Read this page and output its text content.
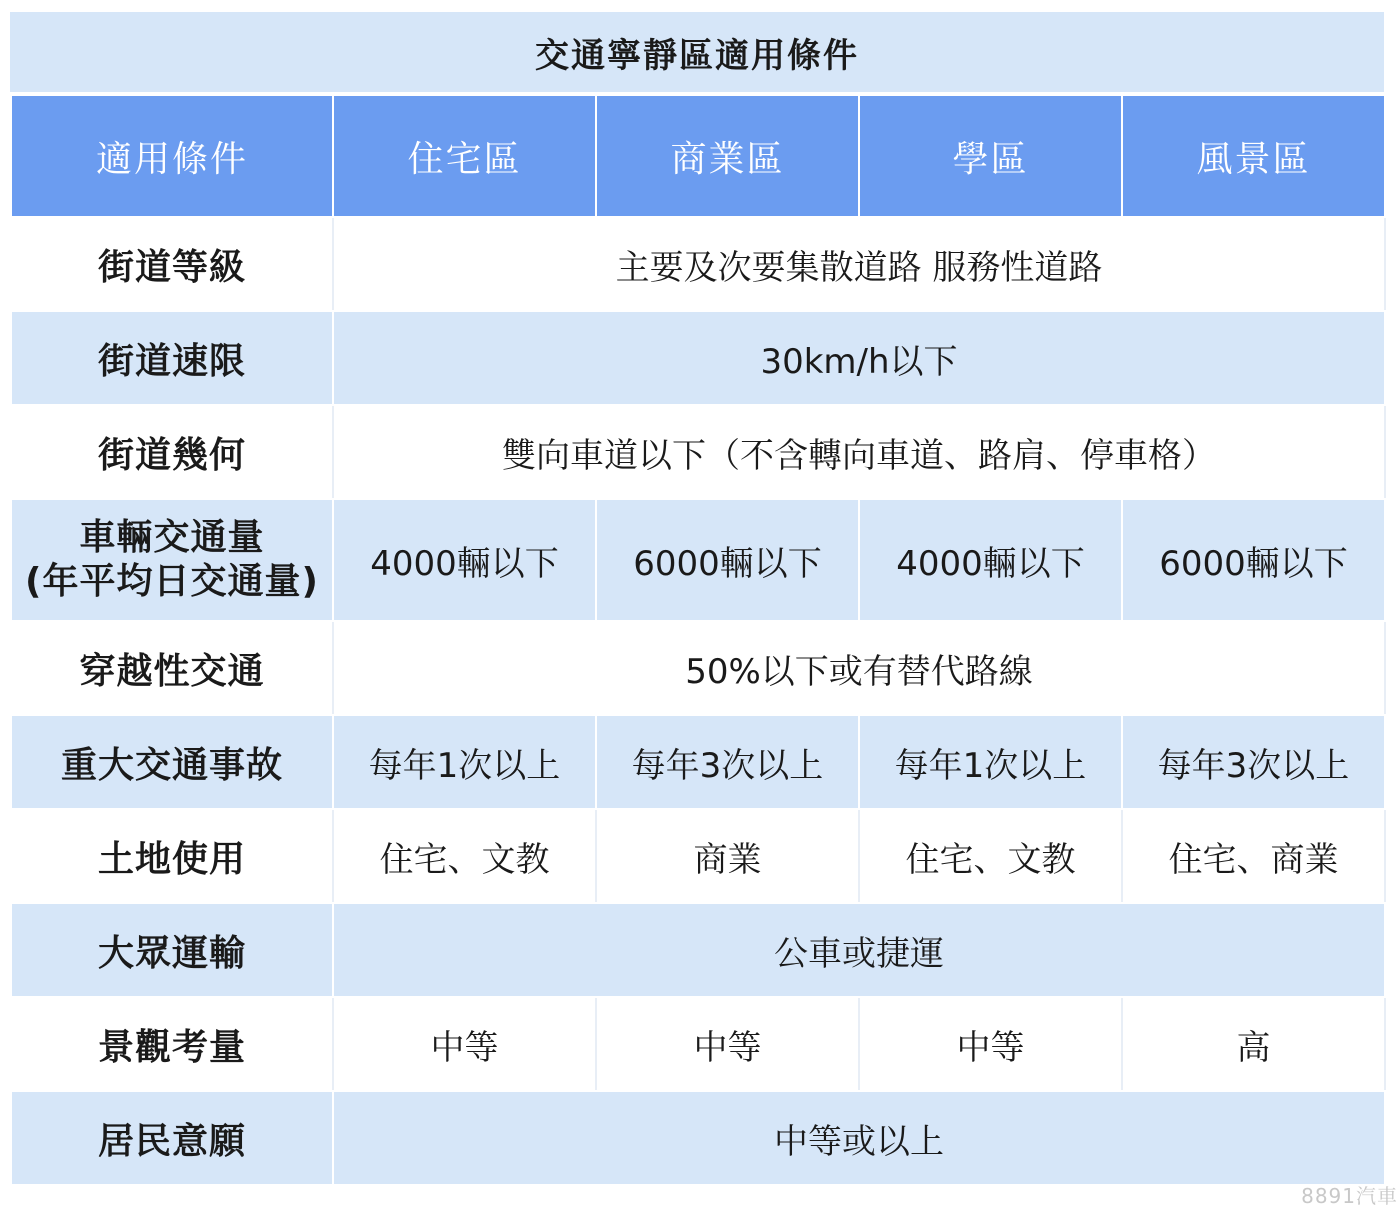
交通寧靜區適用條件
適用條件	住宅區	商業區	學區	風景區
街道等級	主要及次要集散道路 服務性道路			
街道速限	30km/h以下			
街道幾何	雙向車道以下（不含轉向車道、路肩、停車格）			

車輛交通量
(年平均日交通量)	4000輛以下	6000輛以下	4000輛以下	6000輛以下
穿越性交通	50%以下或有替代路線			
重大交通事故	每年1次以上	每年3次以上	每年1次以上	每年3次以上
土地使用	住宅、文教	商業	住宅、文教	住宅、商業
大眾運輸	公車或捷運			
景觀考量	中等	中等	中等	高
居民意願	中等或以上			
8891汽車
